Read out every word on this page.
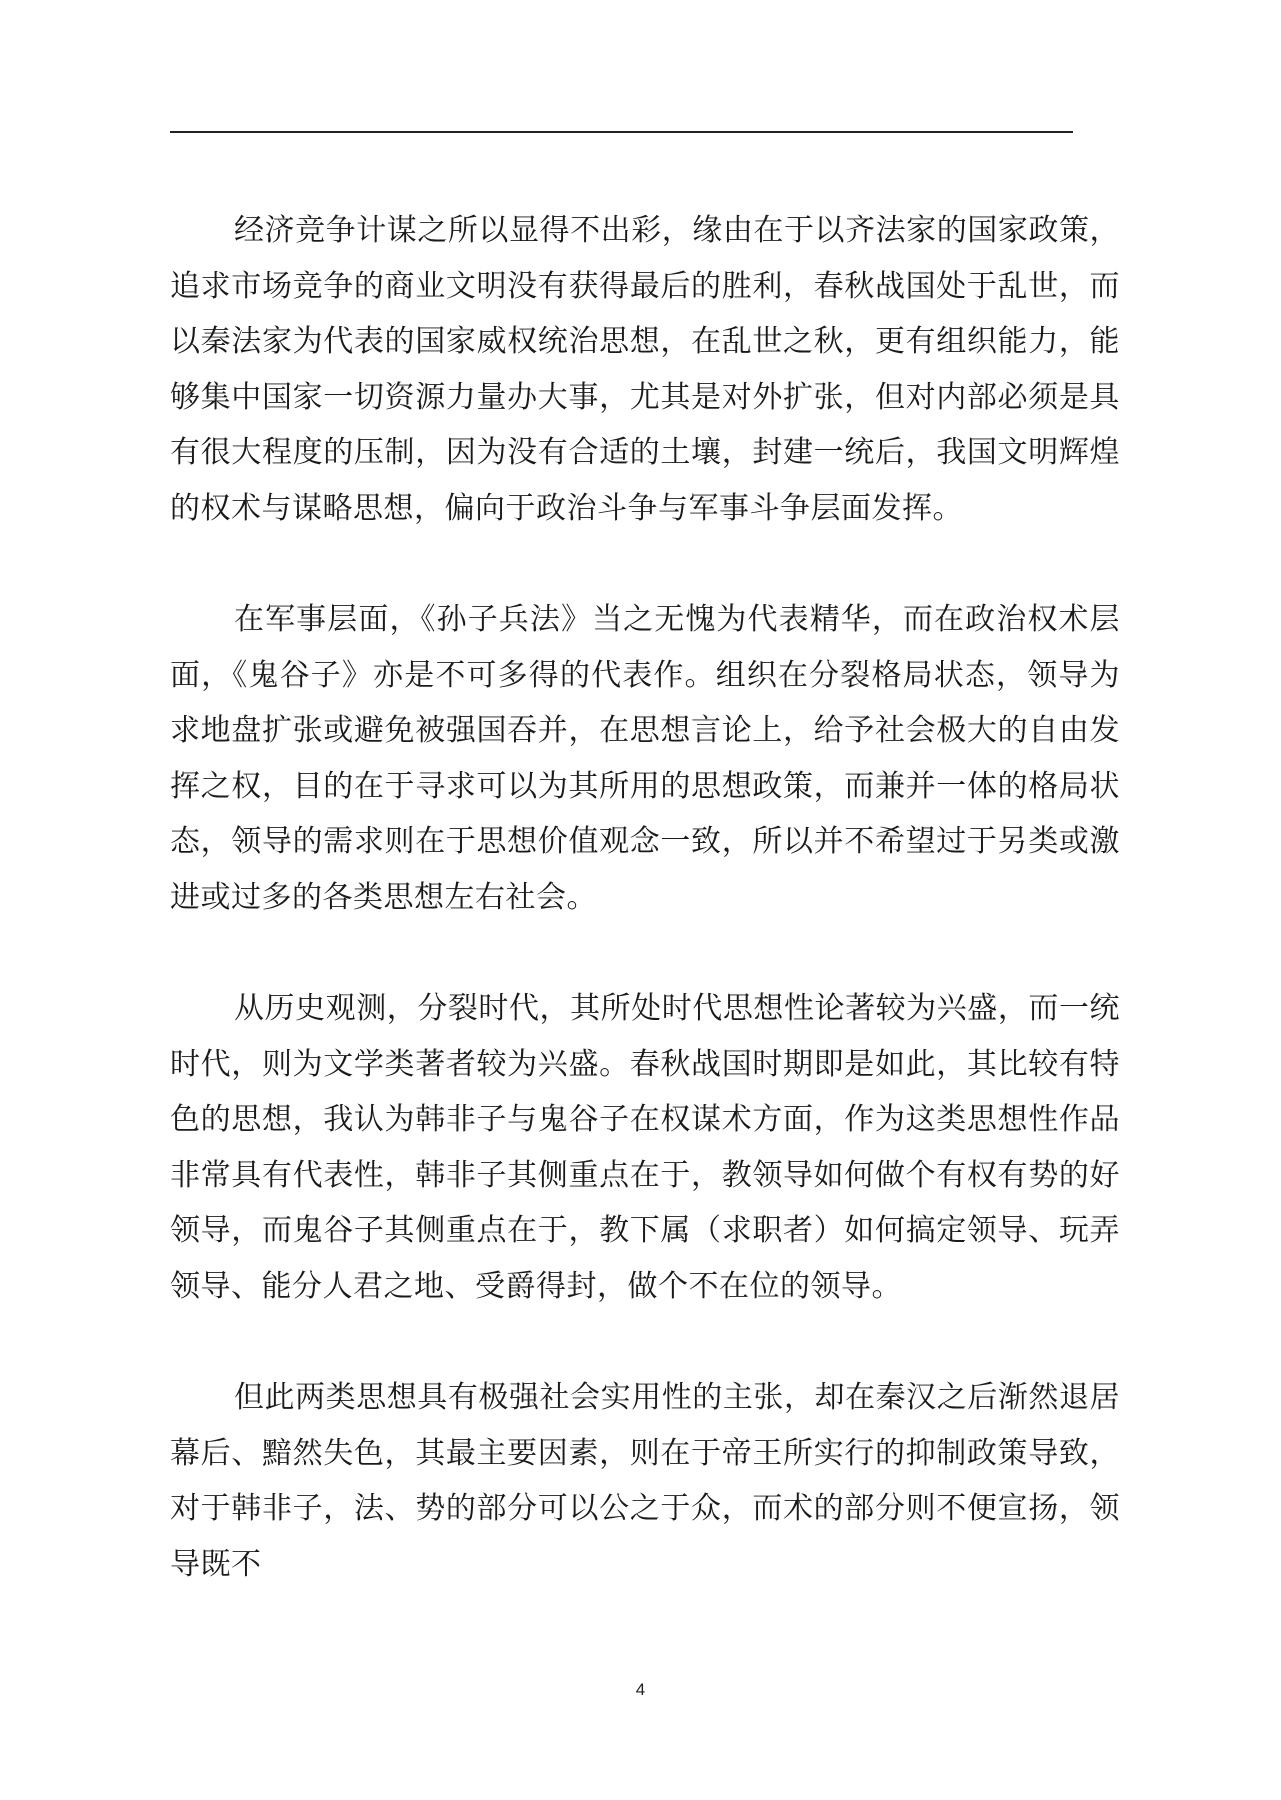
经济竞争计谋之所以显得不出彩，缘由在于以齐法家的国家政策，追求市场竞争的商业文明没有获得最后的胜利，春秋战国处于乱世，而以秦法家为代表的国家威权统治思想，在乱世之秋，更有组织能力，能够集中国家一切资源力量办大事，尤其是对外扩张，但对内部必须是具有很大程度的压制，因为没有合适的土壤，封建一统后，我国文明辉煌的权术与谋略思想，偏向于政治斗争与军事斗争层面发挥。

在军事层面，《孙子兵法》当之无愧为代表精华，而在政治权术层面，《鬼谷子》亦是不可多得的代表作。组织在分裂格局状态，领导为求地盘扩张或避免被强国吞并，在思想言论上，给予社会极大的自由发挥之权，目的在于寻求可以为其所用的思想政策，而兼并一体的格局状态，领导的需求则在于思想价值观念一致，所以并不希望过于另类或激进或过多的各类思想左右社会。

从历史观测，分裂时代，其所处时代思想性论著较为兴盛，而一统时代，则为文学类著者较为兴盛。春秋战国时期即是如此，其比较有特色的思想，我认为韩非子与鬼谷子在权谋术方面，作为这类思想性作品非常具有代表性，韩非子其侧重点在于，教领导如何做个有权有势的好领导，而鬼谷子其侧重点在于，教下属（求职者）如何搞定领导、玩弄领导、能分人君之地、受爵得封，做个不在位的领导。

但此两类思想具有极强社会实用性的主张，却在秦汉之后渐然退居幕后、黯然失色，其最主要因素，则在于帝王所实行的抑制政策导致，对于韩非子，法、势的部分可以公之于众，而术的部分则不便宣扬，领导既不

4
